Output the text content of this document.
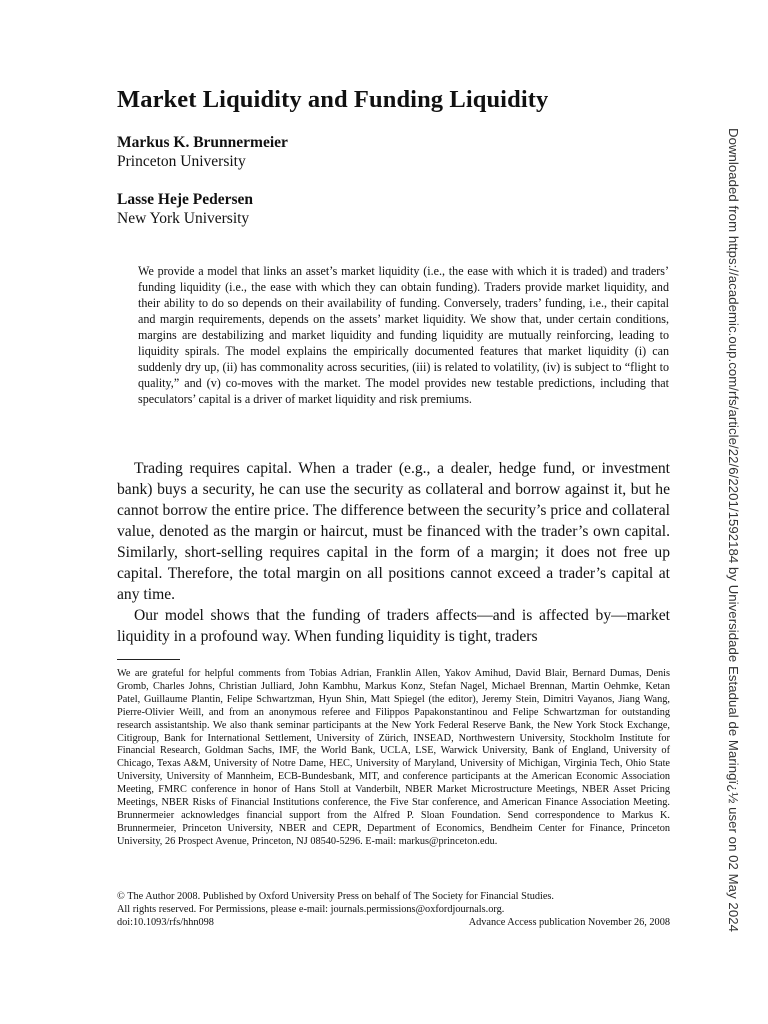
Market Liquidity and Funding Liquidity
Markus K. Brunnermeier
Princeton University
Lasse Heje Pedersen
New York University

We provide a model that links an asset’s market liquidity (i.e., the ease with which it is traded) and traders’ funding liquidity (i.e., the ease with which they can obtain funding). Traders provide market liquidity, and their ability to do so depends on their availability of funding. Conversely, traders’ funding, i.e., their capital and margin requirements, depends on the assets’ market liquidity. We show that, under certain conditions, margins are destabilizing and market liquidity and funding liquidity are mutually reinforcing, leading to liquidity spirals. The model explains the empirically documented features that market liquidity (i) can suddenly dry up, (ii) has commonality across securities, (iii) is related to volatility, (iv) is subject to “flight to quality,” and (v) co-moves with the market. The model provides new testable predictions, including that speculators’ capital is a driver of market liquidity and risk premiums.

Trading requires capital. When a trader (e.g., a dealer, hedge fund, or investment bank) buys a security, he can use the security as collateral and borrow against it, but he cannot borrow the entire price. The difference between the security’s price and collateral value, denoted as the margin or haircut, must be financed with the trader’s own capital. Similarly, short-selling requires capital in the form of a margin; it does not free up capital. Therefore, the total margin on all positions cannot exceed a trader’s capital at any time.

Our model shows that the funding of traders affects—and is affected by—market liquidity in a profound way. When funding liquidity is tight, traders

We are grateful for helpful comments from Tobias Adrian, Franklin Allen, Yakov Amihud, David Blair, Bernard Dumas, Denis Gromb, Charles Johns, Christian Julliard, John Kambhu, Markus Konz, Stefan Nagel, Michael Brennan, Martin Oehmke, Ketan Patel, Guillaume Plantin, Felipe Schwartzman, Hyun Shin, Matt Spiegel (the editor), Jeremy Stein, Dimitri Vayanos, Jiang Wang, Pierre-Olivier Weill, and from an anonymous referee and Filippos Papakonstantinou and Felipe Schwartzman for outstanding research assistantship. We also thank seminar participants at the New York Federal Reserve Bank, the New York Stock Exchange, Citigroup, Bank for International Settlement, University of Zürich, INSEAD, Northwestern University, Stockholm Institute for Financial Research, Goldman Sachs, IMF, the World Bank, UCLA, LSE, Warwick University, Bank of England, University of Chicago, Texas A&M, University of Notre Dame, HEC, University of Maryland, University of Michigan, Virginia Tech, Ohio State University, University of Mannheim, ECB-Bundesbank, MIT, and conference participants at the American Economic Association Meeting, FMRC conference in honor of Hans Stoll at Vanderbilt, NBER Market Microstructure Meetings, NBER Asset Pricing Meetings, NBER Risks of Financial Institutions conference, the Five Star conference, and American Finance Association Meeting. Brunnermeier acknowledges financial support from the Alfred P. Sloan Foundation. Send correspondence to Markus K. Brunnermeier, Princeton University, NBER and CEPR, Department of Economics, Bendheim Center for Finance, Princeton University, 26 Prospect Avenue, Princeton, NJ 08540-5296. E-mail: markus@princeton.edu.

© The Author 2008. Published by Oxford University Press on behalf of The Society for Financial Studies.
All rights reserved. For Permissions, please e-mail: journals.permissions@oxfordjournals.org.
doi:10.1093/rfs/hhn098	Advance Access publication November 26, 2008	Downloaded from https://academic.oup.com/rfs/article/22/6/2201/1592184 by Universidade Estadual de Maringï¿½ user on 02 May 2024
